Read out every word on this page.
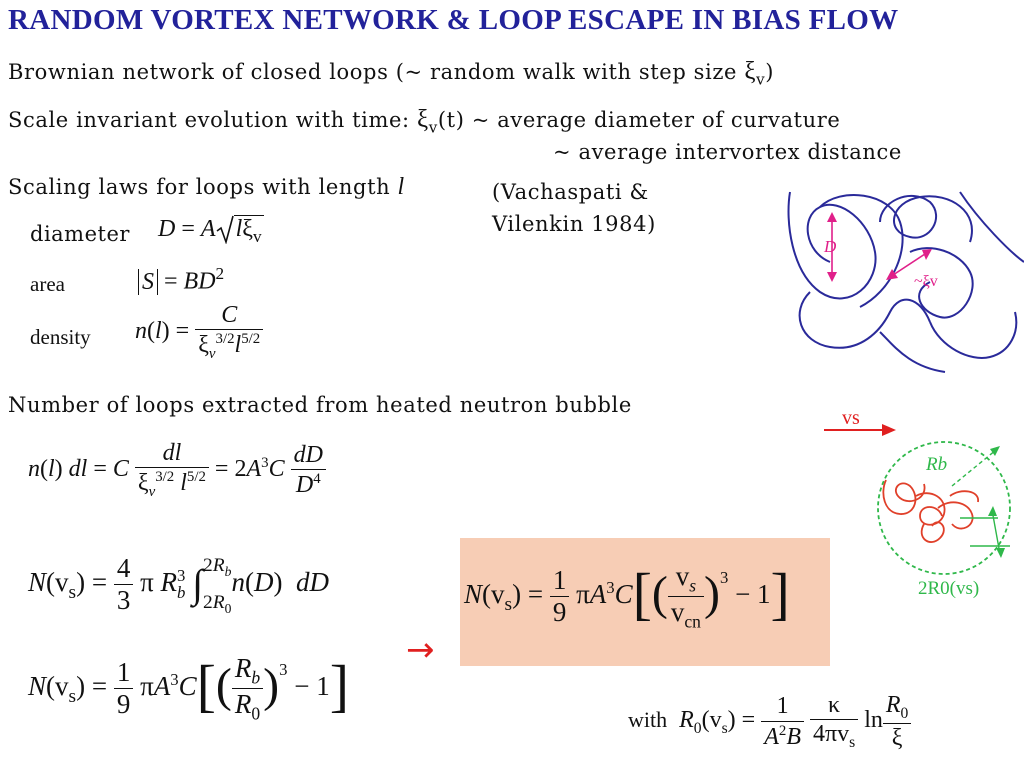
RANDOM VORTEX NETWORK & LOOP ESCAPE IN BIAS FLOW
Brownian network of closed loops (~ random walk with step size $\xi_v$)
Scale invariant evolution with time: $\xi_v(t)$ ~ average diameter of curvature
~ average intervortex distance
Scaling laws for loops with length l	(Vachaspati &
Vilenkin 1984)
diameter
area
density
D = A $l\xi_v$
$S = BD^2$
$n(l) = \frac{C}{\xi_v^{3/2}l^{5/2}}$
Number of loops extracted from heated neutron bubble
n(l) dl = C $\frac{dl}{\xi_v^{3/2} l^{5/2}} = 2A^3C \frac{dD}{D^4}$
$N(v_s) = \frac{4}{3}$ π R 3
b ∫ $2R_b$
$2R_0$
n(D)  dD
$N(v_s) = \frac{1}{9} \pi A^3C[( \frac{R_b}{R_0} )^3 - 1]$
→
$N(v_s) = \frac{1}{9} \pi A^3C[( \frac{v_s}{v_{cn}} )^3 - 1]$
with $R_0(v_s) = \frac{1}{A^2B}$
$\frac{\kappa}{4\pi v_s}$ $\ln \frac{R_0}{\xi}$
D
~ξv
vs
Rb
2R0(vs)
